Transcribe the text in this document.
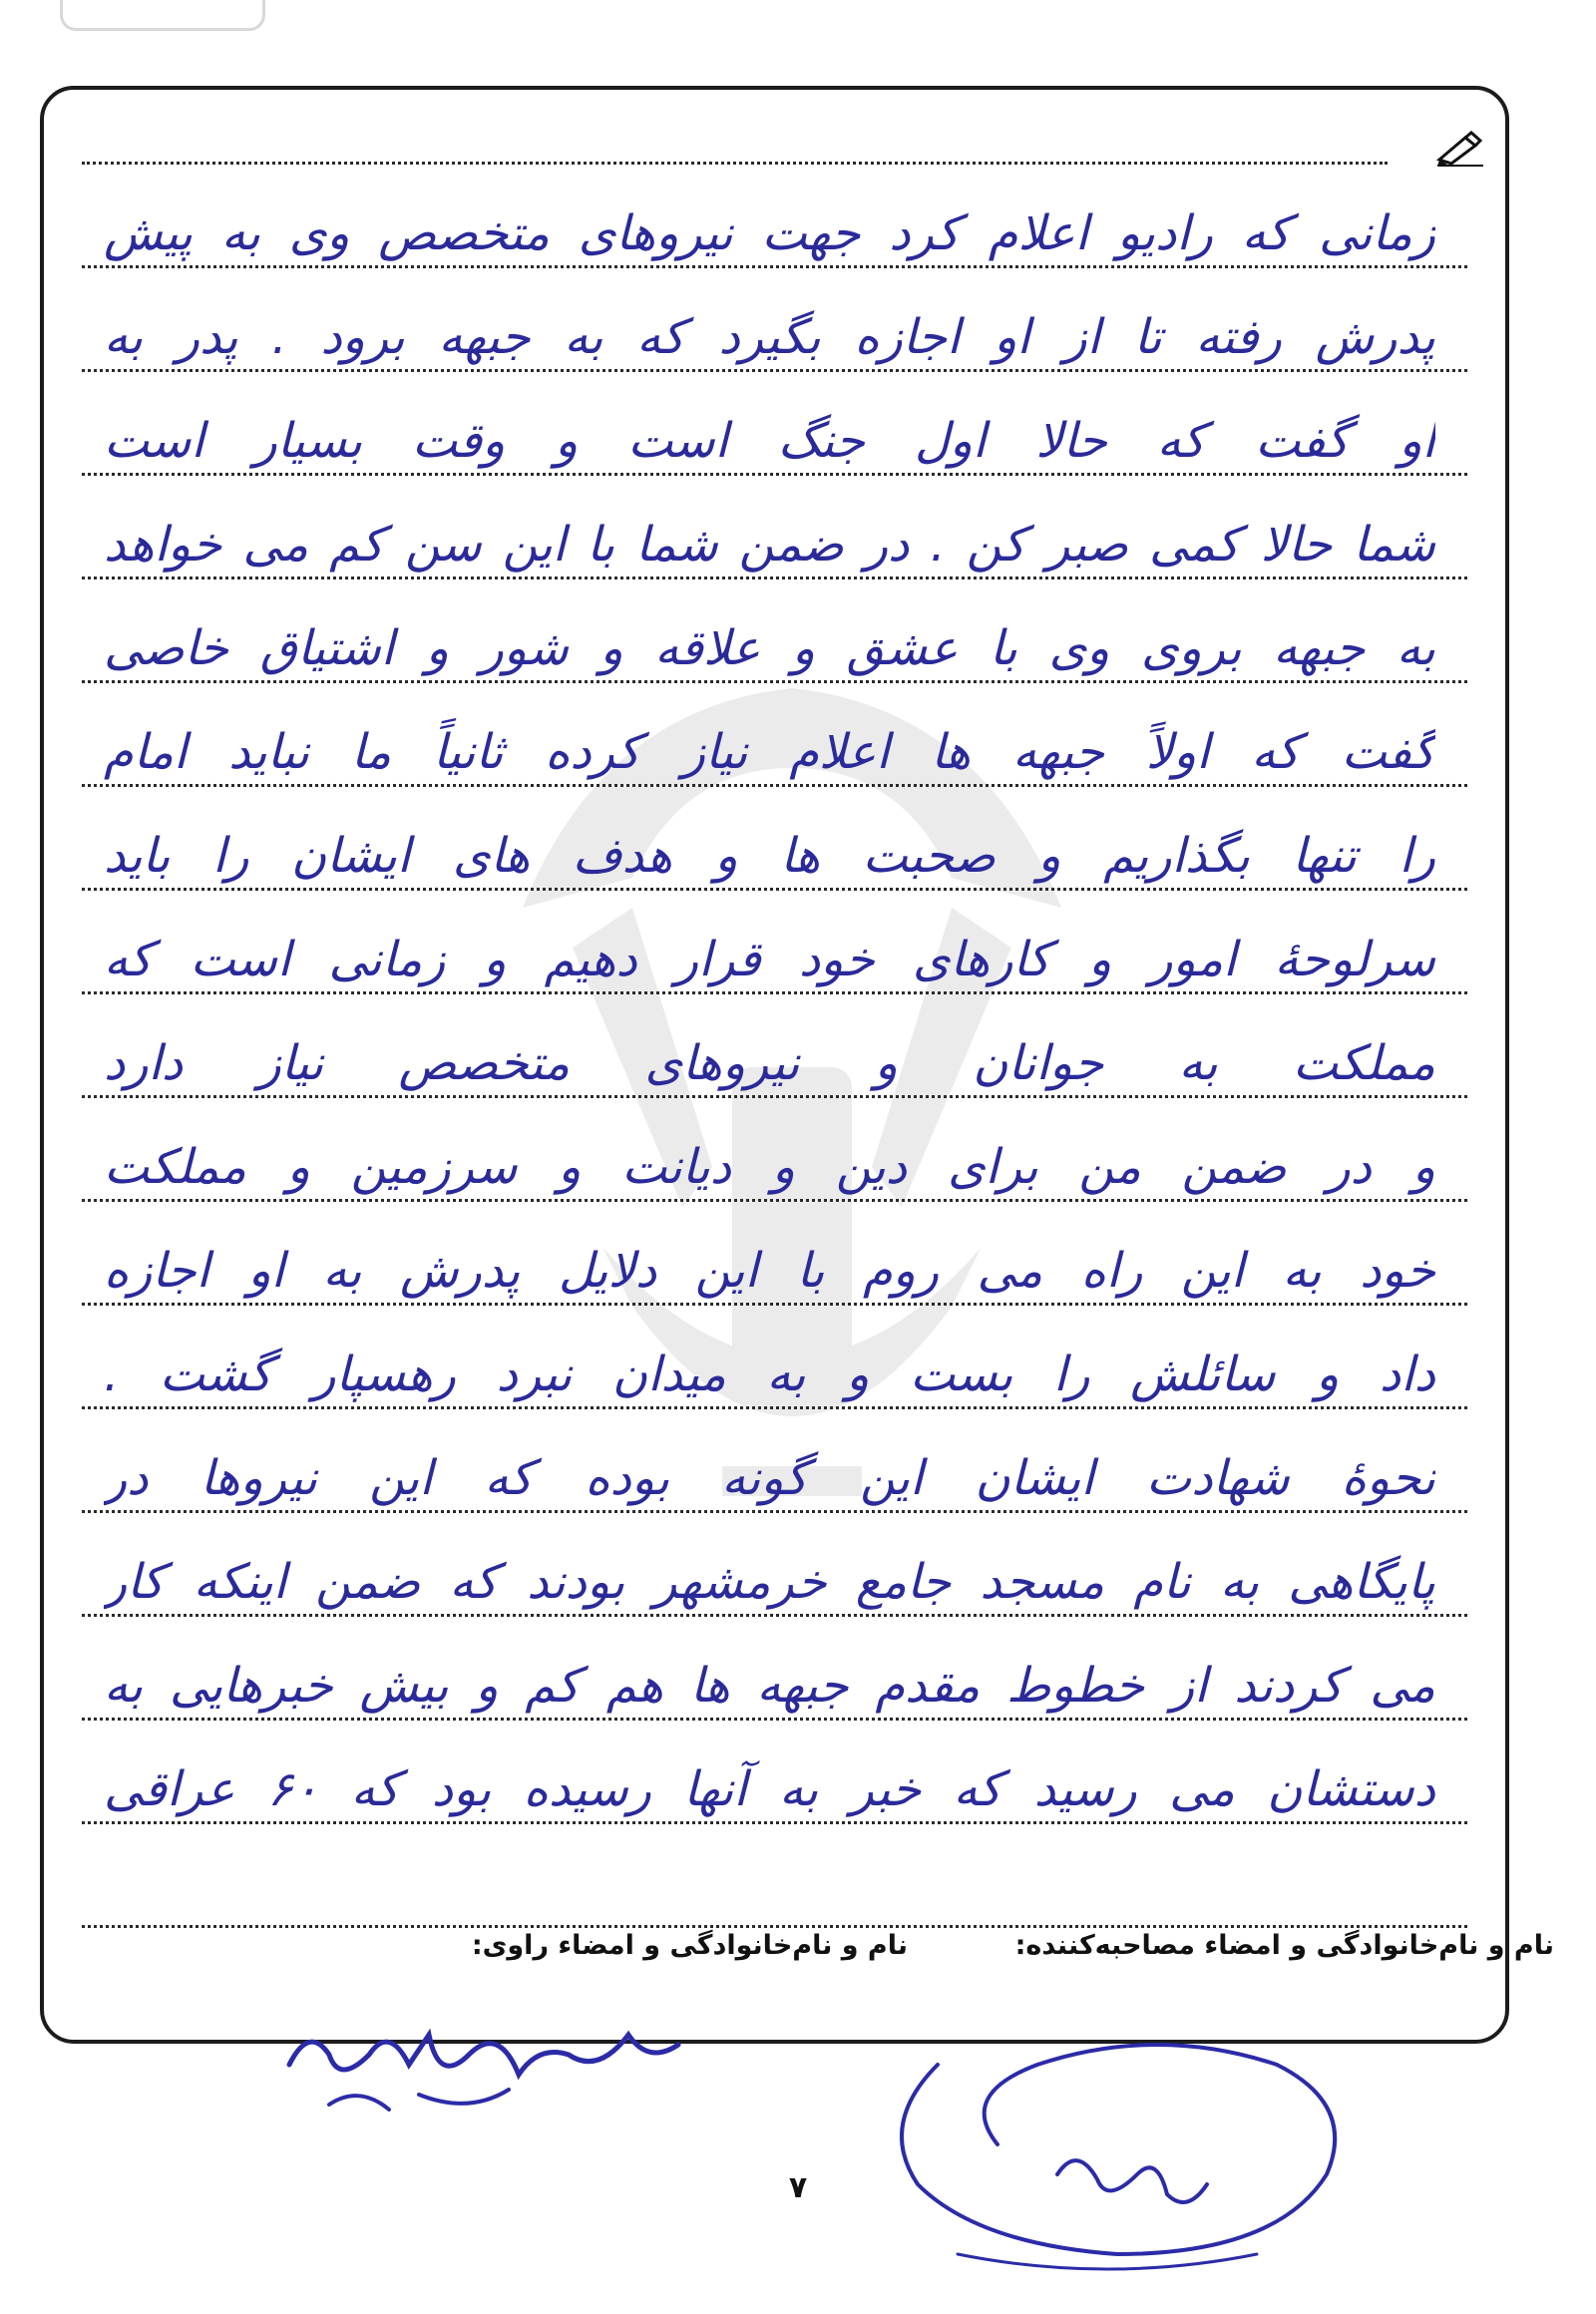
زمانی که رادیو اعلام کرد جهت نیروهای متخصص وی به پیش
پدرش رفته تا از او اجازه بگیرد که به جبهه برود . پدر به
او گفت که حالا اول جنگ است و وقت بسیار است
شما حالا کمی صبر کن . در ضمن شما با این سن کم می خواهد
به جبهه بروی وی با عشق و علاقه و شور و اشتیاق خاصی
گفت که اولاً جبهه ها اعلام نیاز کرده ثانیاً ما نباید امام
را تنها بگذاریم و صحبت ها و هدف های ایشان را باید
سرلوحهٔ امور و کارهای خود قرار دهیم و زمانی است که
مملکت به جوانان و نیروهای متخصص نیاز دارد
و در ضمن من برای دین و دیانت و سرزمین و مملکت
خود به این راه می روم با این دلایل پدرش به او اجازه
داد و سائلش را بست و به میدان نبرد رهسپار گشت .
نحوهٔ شهادت ایشان این گونه بوده که این نیروها در
پایگاهی به نام مسجد جامع خرمشهر بودند که ضمن اینکه کار
می کردند از خطوط مقدم جبهه ها هم کم و بیش خبرهایی به
دستشان می رسید که خبر به آنها رسیده بود که ۶۰ عراقی
نام و نام‌خانوادگی و امضاء مصاحبه‌کننده:
نام و نام‌خانوادگی و امضاء راوی:
۷
